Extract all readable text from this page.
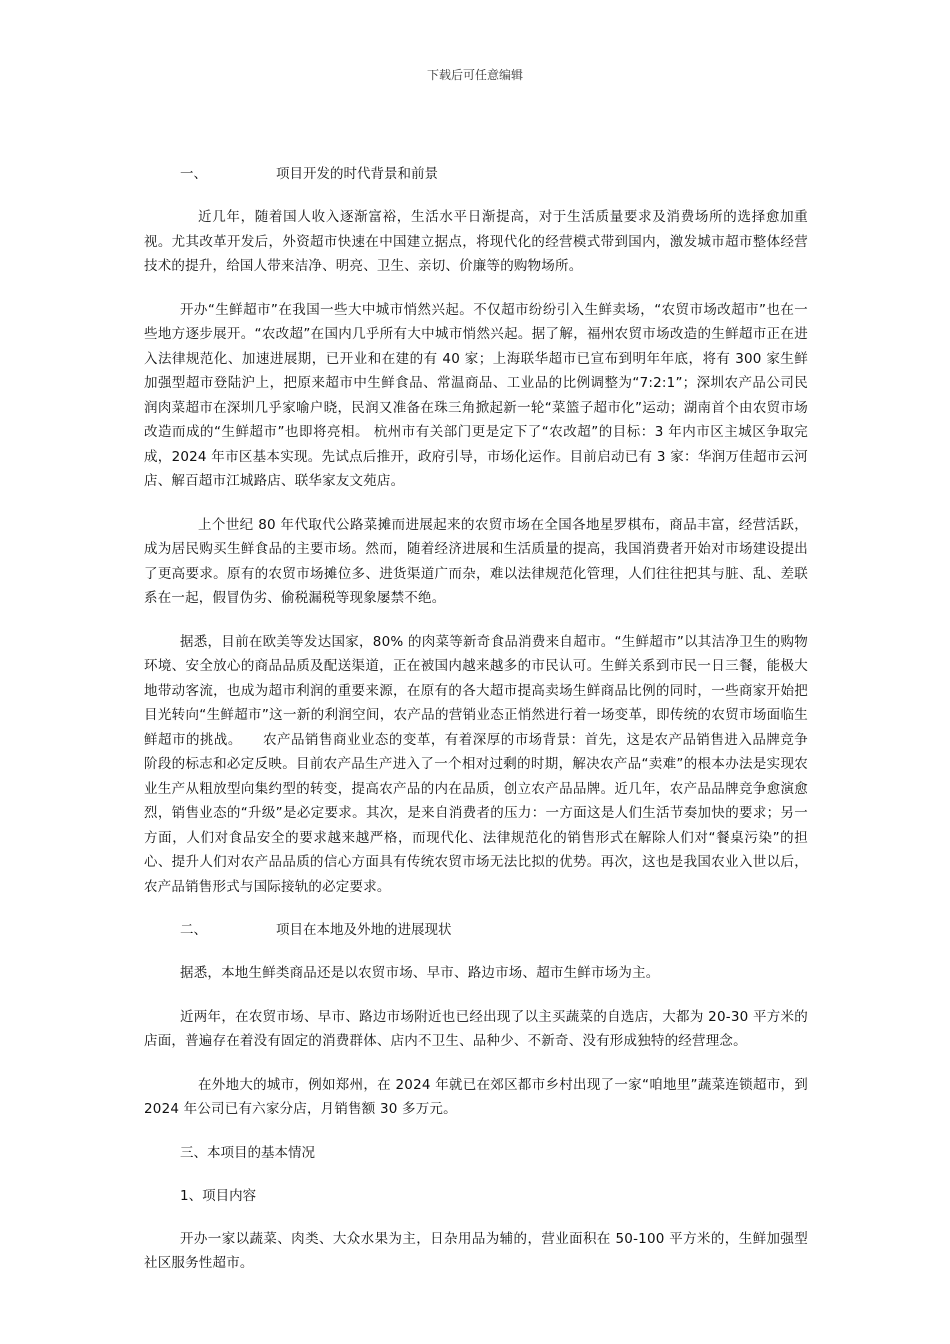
下载后可任意编辑
一、	项目开发的时代背景和前景

近几年，随着国人收入逐渐富裕，生活水平日渐提高，对于生活质量要求及消费场所的选择愈加重视。尤其改革开发后，外资超市快速在中国建立据点，将现代化的经营模式带到国内，激发城市超市整体经营技术的提升，给国人带来洁净、明亮、卫生、亲切、价廉等的购物场所。

开办“生鲜超市”在我国一些大中城市悄然兴起。不仅超市纷纷引入生鲜卖场，“农贸市场改超市”也在一些地方逐步展开。“农改超”在国内几乎所有大中城市悄然兴起。据了解，福州农贸市场改造的生鲜超市正在进入法律规范化、加速进展期，已开业和在建的有 40 家；上海联华超市已宣布到明年年底，将有 300 家生鲜加强型超市登陆沪上，把原来超市中生鲜食品、常温商品、工业品的比例调整为“7:2:1”；深圳农产品公司民润肉菜超市在深圳几乎家喻户晓，民润又准备在珠三角掀起新一轮“菜篮子超市化”运动；湖南首个由农贸市场改造而成的“生鲜超市”也即将亮相。 杭州市有关部门更是定下了“农改超”的目标：3 年内市区主城区争取完成，2024 年市区基本实现。先试点后推开，政府引导，市场化运作。目前启动已有 3 家：华润万佳超市云河店、解百超市江城路店、联华家友文苑店。

上个世纪 80 年代取代公路菜摊而进展起来的农贸市场在全国各地星罗棋布，商品丰富，经营活跃，成为居民购买生鲜食品的主要市场。然而，随着经济进展和生活质量的提高，我国消费者开始对市场建设提出了更高要求。原有的农贸市场摊位多、进货渠道广而杂，难以法律规范化管理，人们往往把其与脏、乱、差联系在一起，假冒伪劣、偷税漏税等现象屡禁不绝。

据悉，目前在欧美等发达国家，80% 的肉菜等新奇食品消费来自超市。“生鲜超市”以其洁净卫生的购物环境、安全放心的商品品质及配送渠道，正在被国内越来越多的市民认可。生鲜关系到市民一日三餐，能极大地带动客流，也成为超市利润的重要来源，在原有的各大超市提高卖场生鲜商品比例的同时，一些商家开始把目光转向“生鲜超市”这一新的利润空间，农产品的营销业态正悄然进行着一场变革，即传统的农贸市场面临生鲜超市的挑战。　　农产品销售商业业态的变革，有着深厚的市场背景：首先，这是农产品销售进入品牌竞争阶段的标志和必定反映。目前农产品生产进入了一个相对过剩的时期，解决农产品“卖难”的根本办法是实现农业生产从粗放型向集约型的转变，提高农产品的内在品质，创立农产品品牌。近几年，农产品品牌竞争愈演愈烈，销售业态的“升级”是必定要求。其次，是来自消费者的压力：一方面这是人们生活节奏加快的要求；另一方面，人们对食品安全的要求越来越严格，而现代化、法律规范化的销售形式在解除人们对“餐桌污染”的担心、提升人们对农产品品质的信心方面具有传统农贸市场无法比拟的优势。再次，这也是我国农业入世以后，农产品销售形式与国际接轨的必定要求。

二、	项目在本地及外地的进展现状

据悉，本地生鲜类商品还是以农贸市场、早市、路边市场、超市生鲜市场为主。

近两年，在农贸市场、早市、路边市场附近也已经出现了以主买蔬菜的自选店，大都为 20-30 平方米的店面，普遍存在着没有固定的消费群体、店内不卫生、品种少、不新奇、没有形成独特的经营理念。

在外地大的城市，例如郑州，在 2024 年就已在郊区都市乡村出现了一家“咱地里”蔬菜连锁超市，到 2024 年公司已有六家分店，月销售额 30 多万元。

三、本项目的基本情况
1、项目内容

开办一家以蔬菜、肉类、大众水果为主，日杂用品为辅的，营业面积在 50-100 平方米的，生鲜加强型社区服务性超市。
